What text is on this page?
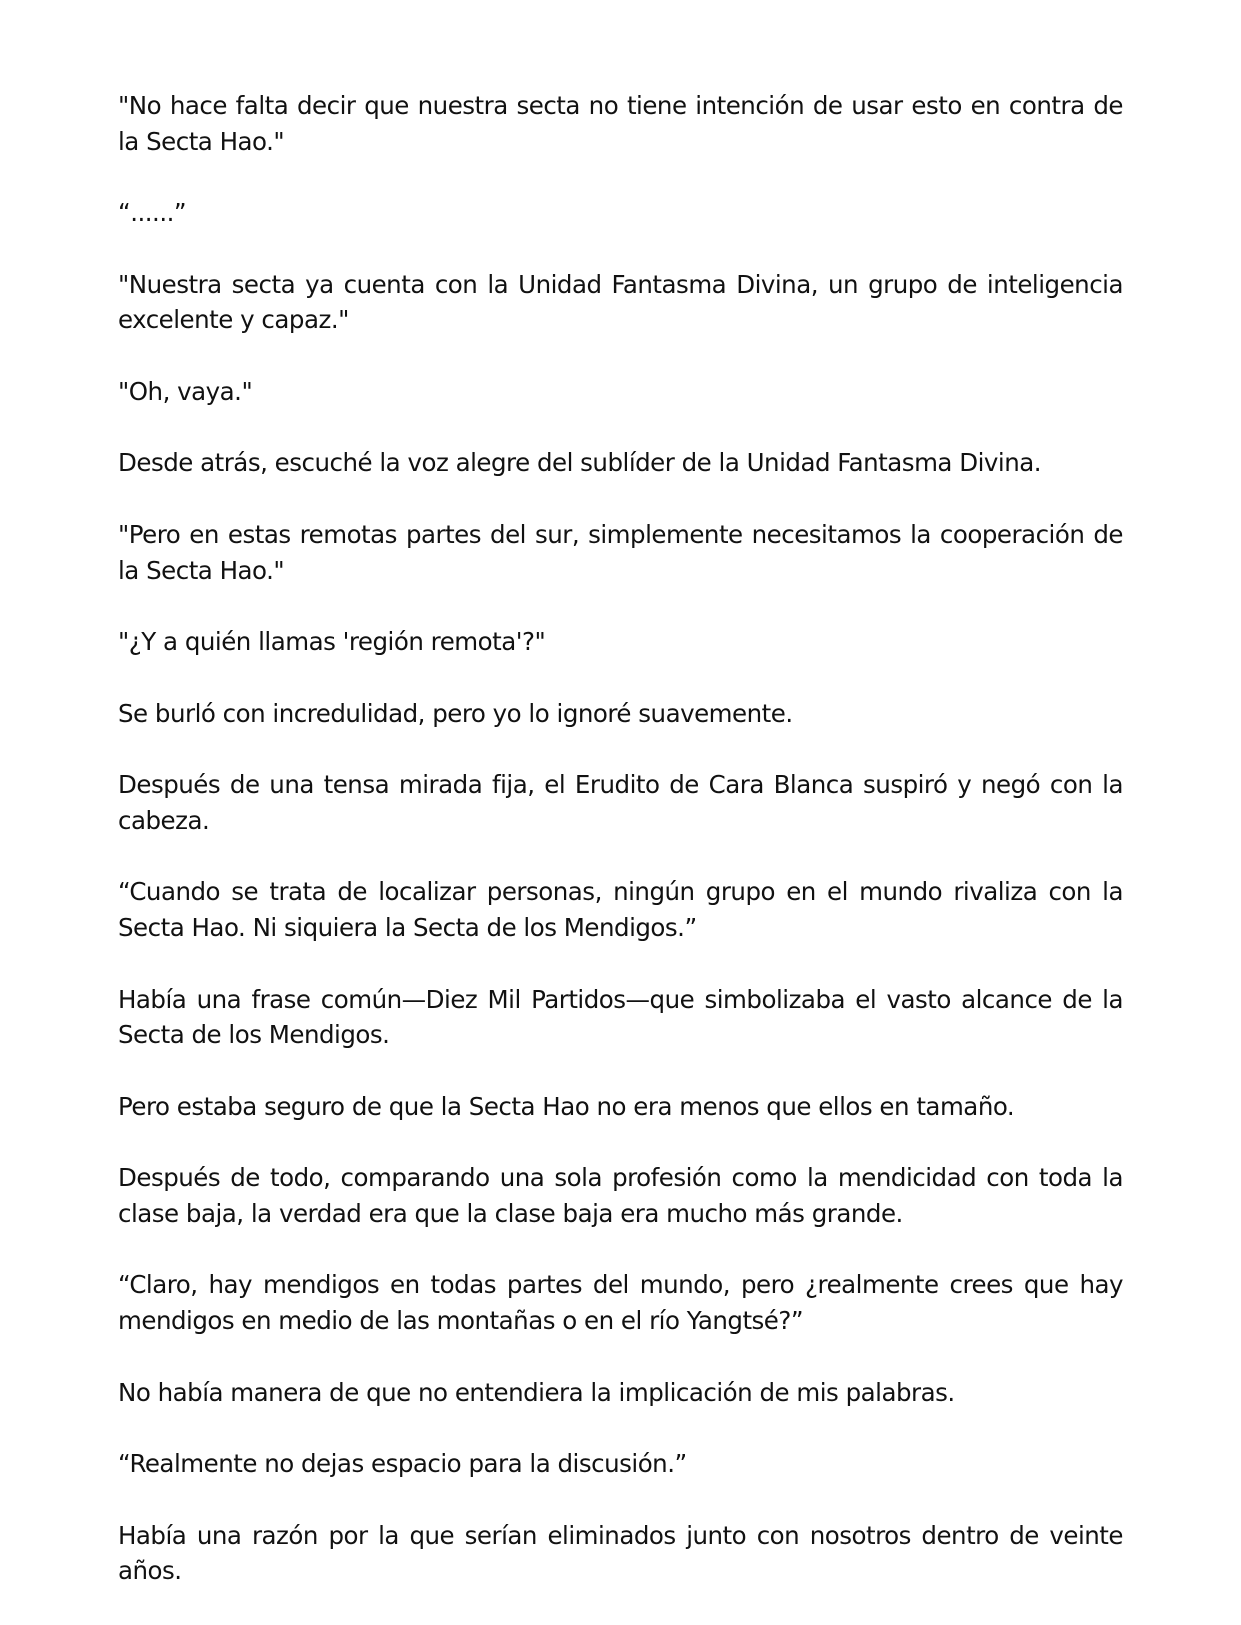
"No hace falta decir que nuestra secta no tiene intención de usar esto en contra de la Secta Hao."

“......”

"Nuestra secta ya cuenta con la Unidad Fantasma Divina, un grupo de inteligencia excelente y capaz."

"Oh, vaya."

Desde atrás, escuché la voz alegre del sublíder de la Unidad Fantasma Divina.

"Pero en estas remotas partes del sur, simplemente necesitamos la cooperación de la Secta Hao."

"¿Y a quién llamas 'región remota'?"

Se burló con incredulidad, pero yo lo ignoré suavemente.

Después de una tensa mirada fija, el Erudito de Cara Blanca suspiró y negó con la cabeza.

“Cuando se trata de localizar personas, ningún grupo en el mundo rivaliza con la Secta Hao. Ni siquiera la Secta de los Mendigos.”

Había una frase común—Diez Mil Partidos—que simbolizaba el vasto alcance de la Secta de los Mendigos.

Pero estaba seguro de que la Secta Hao no era menos que ellos en tamaño.

Después de todo, comparando una sola profesión como la mendicidad con toda la clase baja, la verdad era que la clase baja era mucho más grande.

“Claro, hay mendigos en todas partes del mundo, pero ¿realmente crees que hay mendigos en medio de las montañas o en el río Yangtsé?”

No había manera de que no entendiera la implicación de mis palabras.

“Realmente no dejas espacio para la discusión.”

Había una razón por la que serían eliminados junto con nosotros dentro de veinte años.
